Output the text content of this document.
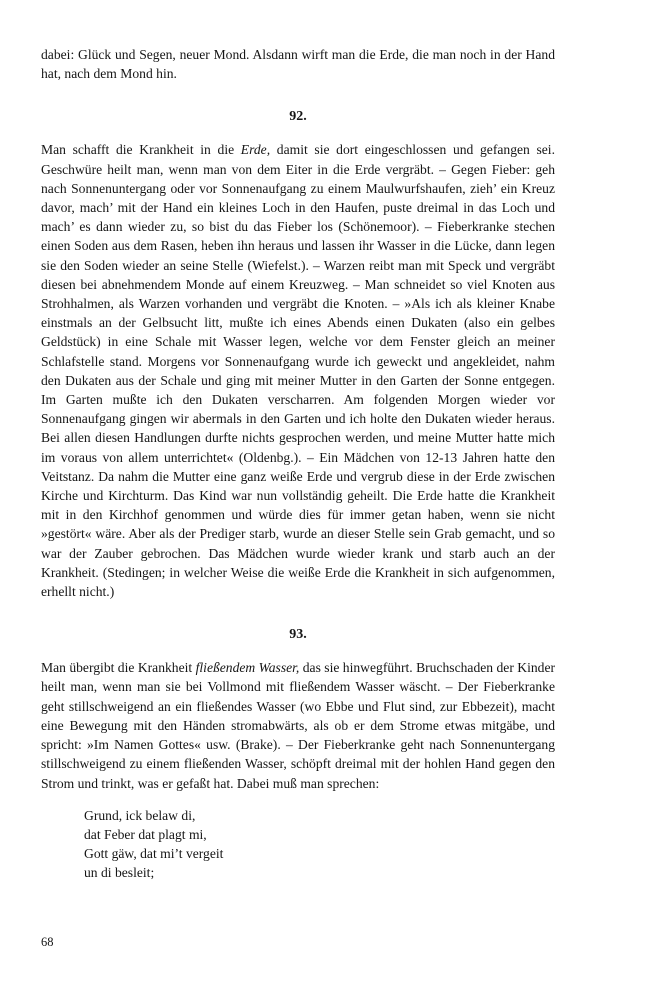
dabei: Glück und Segen, neuer Mond. Alsdann wirft man die Erde, die man noch in der Hand hat, nach dem Mond hin.

92.

Man schafft die Krankheit in die Erde, damit sie dort eingeschlossen und gefangen sei. Geschwüre heilt man, wenn man von dem Eiter in die Erde vergräbt. – Gegen Fieber: geh nach Sonnenuntergang oder vor Sonnenaufgang zu einem Maulwurfshaufen, zieh’ ein Kreuz davor, mach’ mit der Hand ein kleines Loch in den Haufen, puste dreimal in das Loch und mach’ es dann wieder zu, so bist du das Fieber los (Schönemoor). – Fieberkranke stechen einen Soden aus dem Rasen, heben ihn heraus und lassen ihr Wasser in die Lücke, dann legen sie den Soden wieder an seine Stelle (Wiefelst.). – Warzen reibt man mit Speck und vergräbt diesen bei abnehmendem Monde auf einem Kreuzweg. – Man schneidet so viel Knoten aus Strohhalmen, als Warzen vorhanden und vergräbt die Knoten. – »Als ich als kleiner Knabe einstmals an der Gelbsucht litt, mußte ich eines Abends einen Dukaten (also ein gelbes Geldstück) in eine Schale mit Wasser legen, welche vor dem Fenster gleich an meiner Schlafstelle stand. Morgens vor Sonnenaufgang wurde ich geweckt und angekleidet, nahm den Dukaten aus der Schale und ging mit meiner Mutter in den Garten der Sonne entgegen. Im Garten mußte ich den Dukaten verscharren. Am folgenden Morgen wieder vor Sonnenaufgang gingen wir abermals in den Garten und ich holte den Dukaten wieder heraus. Bei allen diesen Handlungen durfte nichts gesprochen werden, und meine Mutter hatte mich im voraus von allem unterrichtet« (Oldenbg.). – Ein Mädchen von 12-13 Jahren hatte den Veitstanz. Da nahm die Mutter eine ganz weiße Erde und vergrub diese in der Erde zwischen Kirche und Kirchturm. Das Kind war nun vollständig geheilt. Die Erde hatte die Krankheit mit in den Kirchhof genommen und würde dies für immer getan haben, wenn sie nicht »gestört« wäre. Aber als der Prediger starb, wurde an dieser Stelle sein Grab gemacht, und so war der Zauber gebrochen. Das Mädchen wurde wieder krank und starb auch an der Krankheit. (Stedingen; in welcher Weise die weiße Erde die Krankheit in sich aufgenommen, erhellt nicht.)

93.

Man übergibt die Krankheit fließendem Wasser, das sie hinwegführt. Bruchschaden der Kinder heilt man, wenn man sie bei Vollmond mit fließendem Wasser wäscht. – Der Fieberkranke geht stillschweigend an ein fließendes Wasser (wo Ebbe und Flut sind, zur Ebbezeit), macht eine Bewegung mit den Händen stromabwärts, als ob er dem Strome etwas mitgäbe, und spricht: »Im Namen Gottes« usw. (Brake). – Der Fieberkranke geht nach Sonnenuntergang stillschweigend zu einem fließenden Wasser, schöpft dreimal mit der hohlen Hand gegen den Strom und trinkt, was er gefaßt hat. Dabei muß man sprechen:

Grund, ick belaw di,
dat Feber dat plagt mi,
Gott gäw, dat mi’t vergeit
un di besleit;
68
